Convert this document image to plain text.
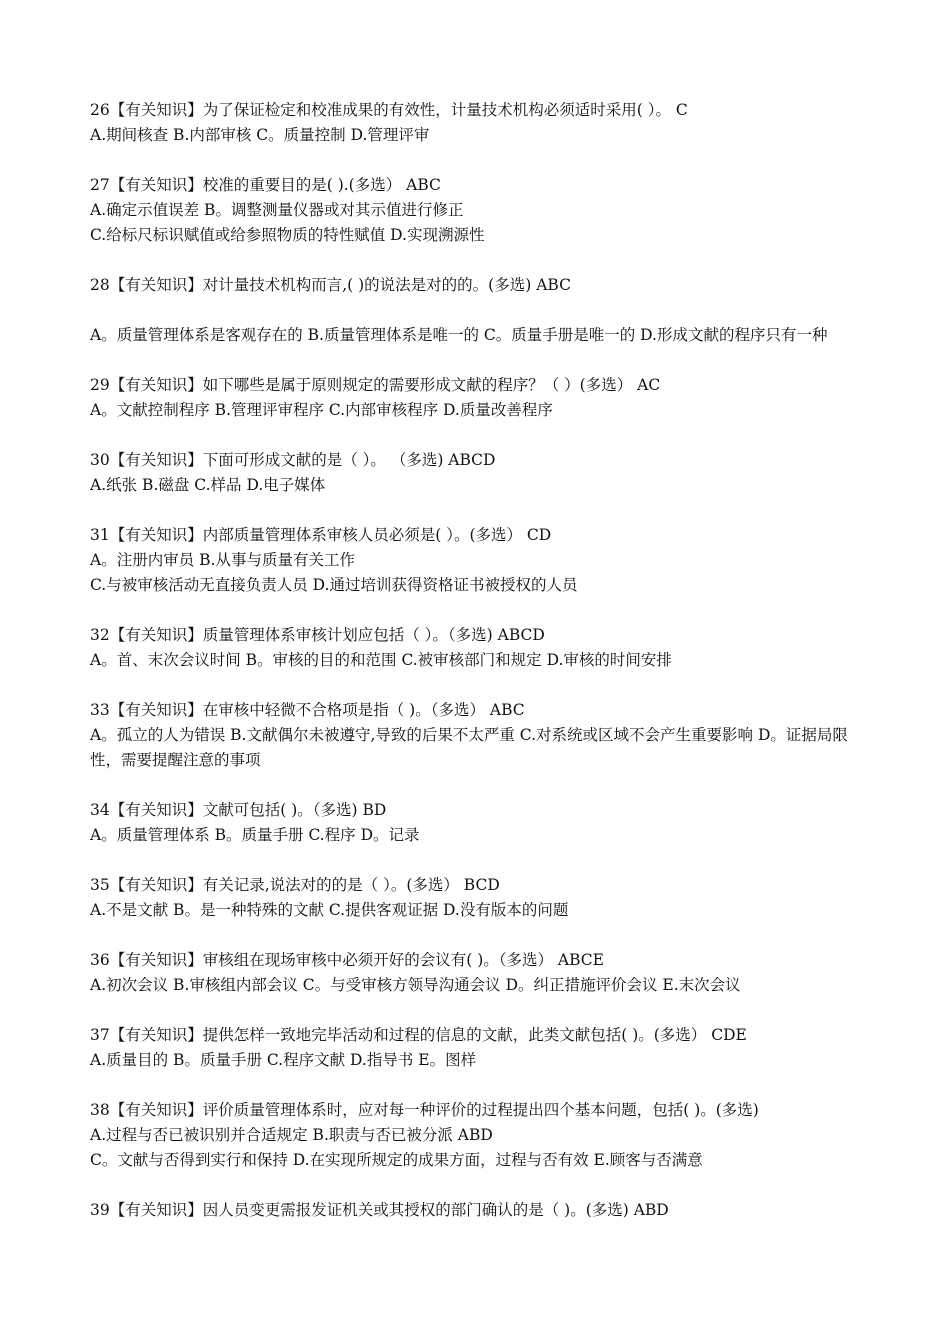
26【有关知识】为了保证检定和校准成果的有效性，计量技术机构必须适时采用( ）。 C
A.期间核查 B.内部审核 C。质量控制 D.管理评审
27【有关知识】校准的重要目的是( ).(多选） ABC
A.确定示值误差 B。调整测量仪器或对其示值进行修正
C.给标尺标识赋值或给参照物质的特性赋值 D.实现溯源性
28【有关知识】对计量技术机构而言,( )的说法是对的的。(多选) ABC
A。质量管理体系是客观存在的 B.质量管理体系是唯一的 C。质量手册是唯一的 D.形成文献的程序只有一种
29【有关知识】如下哪些是属于原则规定的需要形成文献的程序？（ ）(多选） AC
A。文献控制程序 B.管理评审程序 C.内部审核程序 D.质量改善程序
30【有关知识】下面可形成文献的是（ ）。 （多选) ABCD
A.纸张 B.磁盘 C.样品 D.电子媒体
31【有关知识】内部质量管理体系审核人员必须是( ）。(多选） CD
A。注册内审员 B.从事与质量有关工作
C.与被审核活动无直接负责人员 D.通过培训获得资格证书被授权的人员
32【有关知识】质量管理体系审核计划应包括（ ）。（多选) ABCD
A。首、末次会议时间 B。审核的目的和范围 C.被审核部门和规定 D.审核的时间安排
33【有关知识】在审核中轻微不合格项是指（ )。（多选） ABC
A。孤立的人为错误 B.文献偶尔未被遵守,导致的后果不太严重 C.对系统或区域不会产生重要影响 D。证据局限性，需要提醒注意的事项
34【有关知识】文献可包括( )。（多选) BD
A。质量管理体系 B。质量手册 C.程序 D。记录
35【有关知识】有关记录,说法对的的是（ ）。(多选） BCD
A.不是文献 B。是一种特殊的文献 C.提供客观证据 D.没有版本的问题
36【有关知识】审核组在现场审核中必须开好的会议有( )。（多选） ABCE
A.初次会议 B.审核组内部会议 C。与受审核方领导沟通会议 D。纠正措施评价会议 E.末次会议
37【有关知识】提供怎样一致地完毕活动和过程的信息的文献，此类文献包括( )。(多选） CDE
A.质量目的 B。质量手册 C.程序文献 D.指导书 E。图样
38【有关知识】评价质量管理体系时，应对每一种评价的过程提出四个基本问题，包括( )。(多选)
A.过程与否已被识别并合适规定 B.职责与否已被分派 ABD
C。文献与否得到实行和保持 D.在实现所规定的成果方面，过程与否有效 E.顾客与否满意
39【有关知识】因人员变更需报发证机关或其授权的部门确认的是（ )。(多选) ABD
